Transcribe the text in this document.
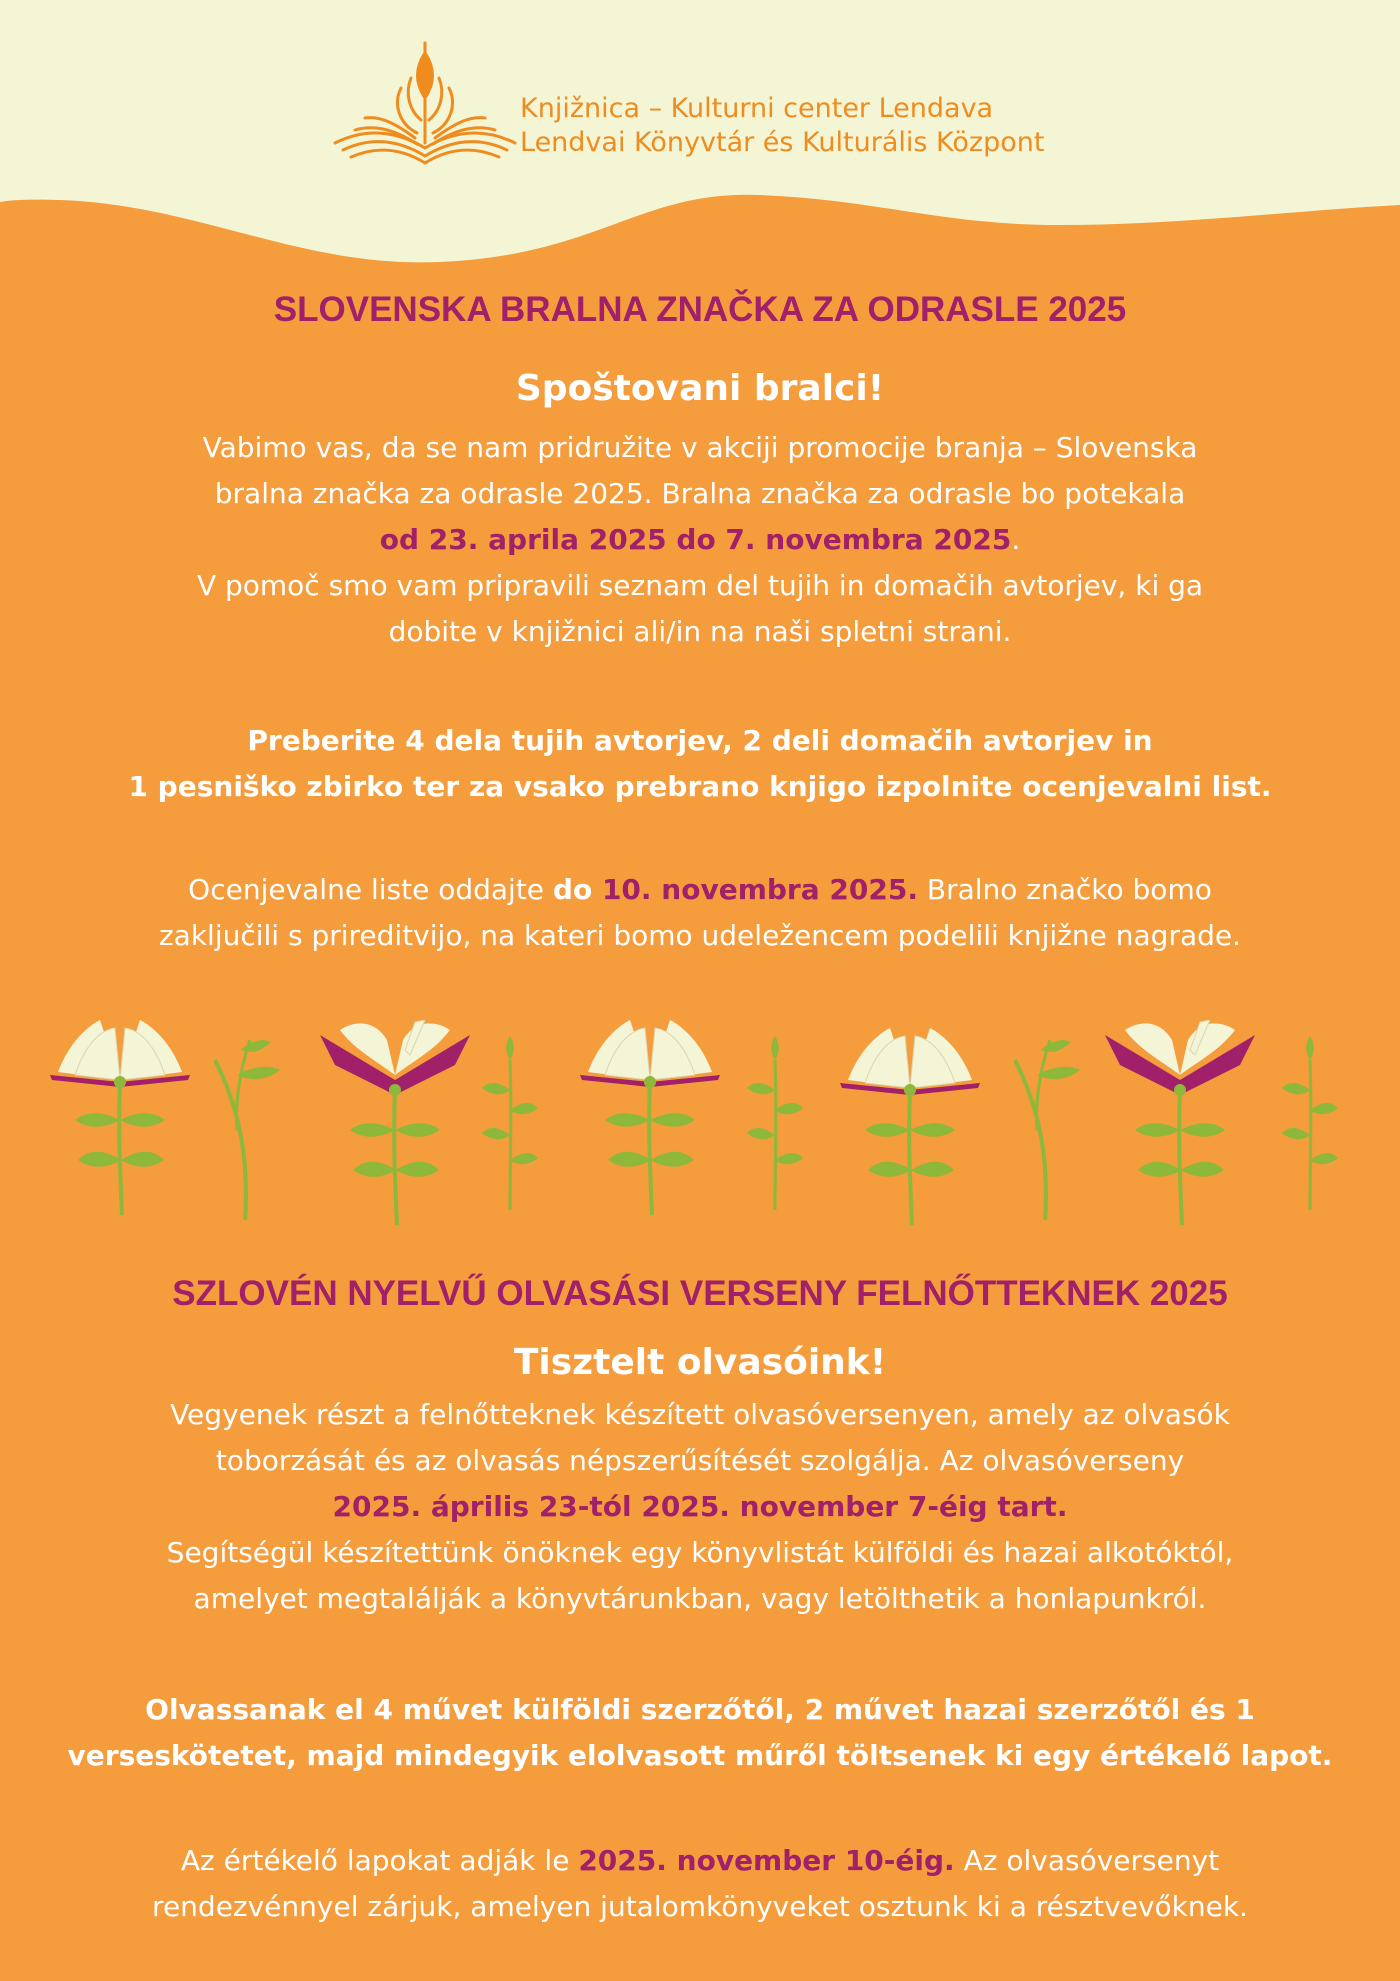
Knjižnica – Kulturni center Lendava
Lendvai Könyvtár és Kulturális Központ
SLOVENSKA BRALNA ZNAČKA ZA ODRASLE 2025
Spoštovani bralci!
Vabimo vas, da se nam pridružite v akciji promocije branja – Slovenska
bralna značka za odrasle 2025. Bralna značka za odrasle bo potekala
od 23. aprila 2025 do 7. novembra 2025.
V pomoč smo vam pripravili seznam del tujih in domačih avtorjev, ki ga
dobite v knjižnici ali/in na naši spletni strani.
Preberite 4 dela tujih avtorjev, 2 deli domačih avtorjev in
1 pesniško zbirko ter za vsako prebrano knjigo izpolnite ocenjevalni list.
Ocenjevalne liste oddajte do 10. novembra 2025. Bralno značko bomo
zaključili s prireditvijo, na kateri bomo udeležencem podelili knjižne nagrade.
SZLOVÉN NYELVŰ OLVASÁSI VERSENY FELNŐTTEKNEK 2025
Tisztelt olvasóink!
Vegyenek részt a felnőtteknek készített olvasóversenyen, amely az olvasók
toborzását és az olvasás népszerűsítését szolgálja. Az olvasóverseny
2025. április 23-tól 2025. november 7-éig tart.
Segítségül készítettünk önöknek egy könyvlistát külföldi és hazai alkotóktól,
amelyet megtalálják a könyvtárunkban, vagy letölthetik a honlapunkról.
Olvassanak el 4 művet külföldi szerzőtől, 2 művet hazai szerzőtől és 1
verseskötetet, majd mindegyik elolvasott műről töltsenek ki egy értékelő lapot.
Az értékelő lapokat adják le 2025. november 10-éig. Az olvasóversenyt
rendezvénnyel zárjuk, amelyen jutalomkönyveket osztunk ki a résztvevőknek.
